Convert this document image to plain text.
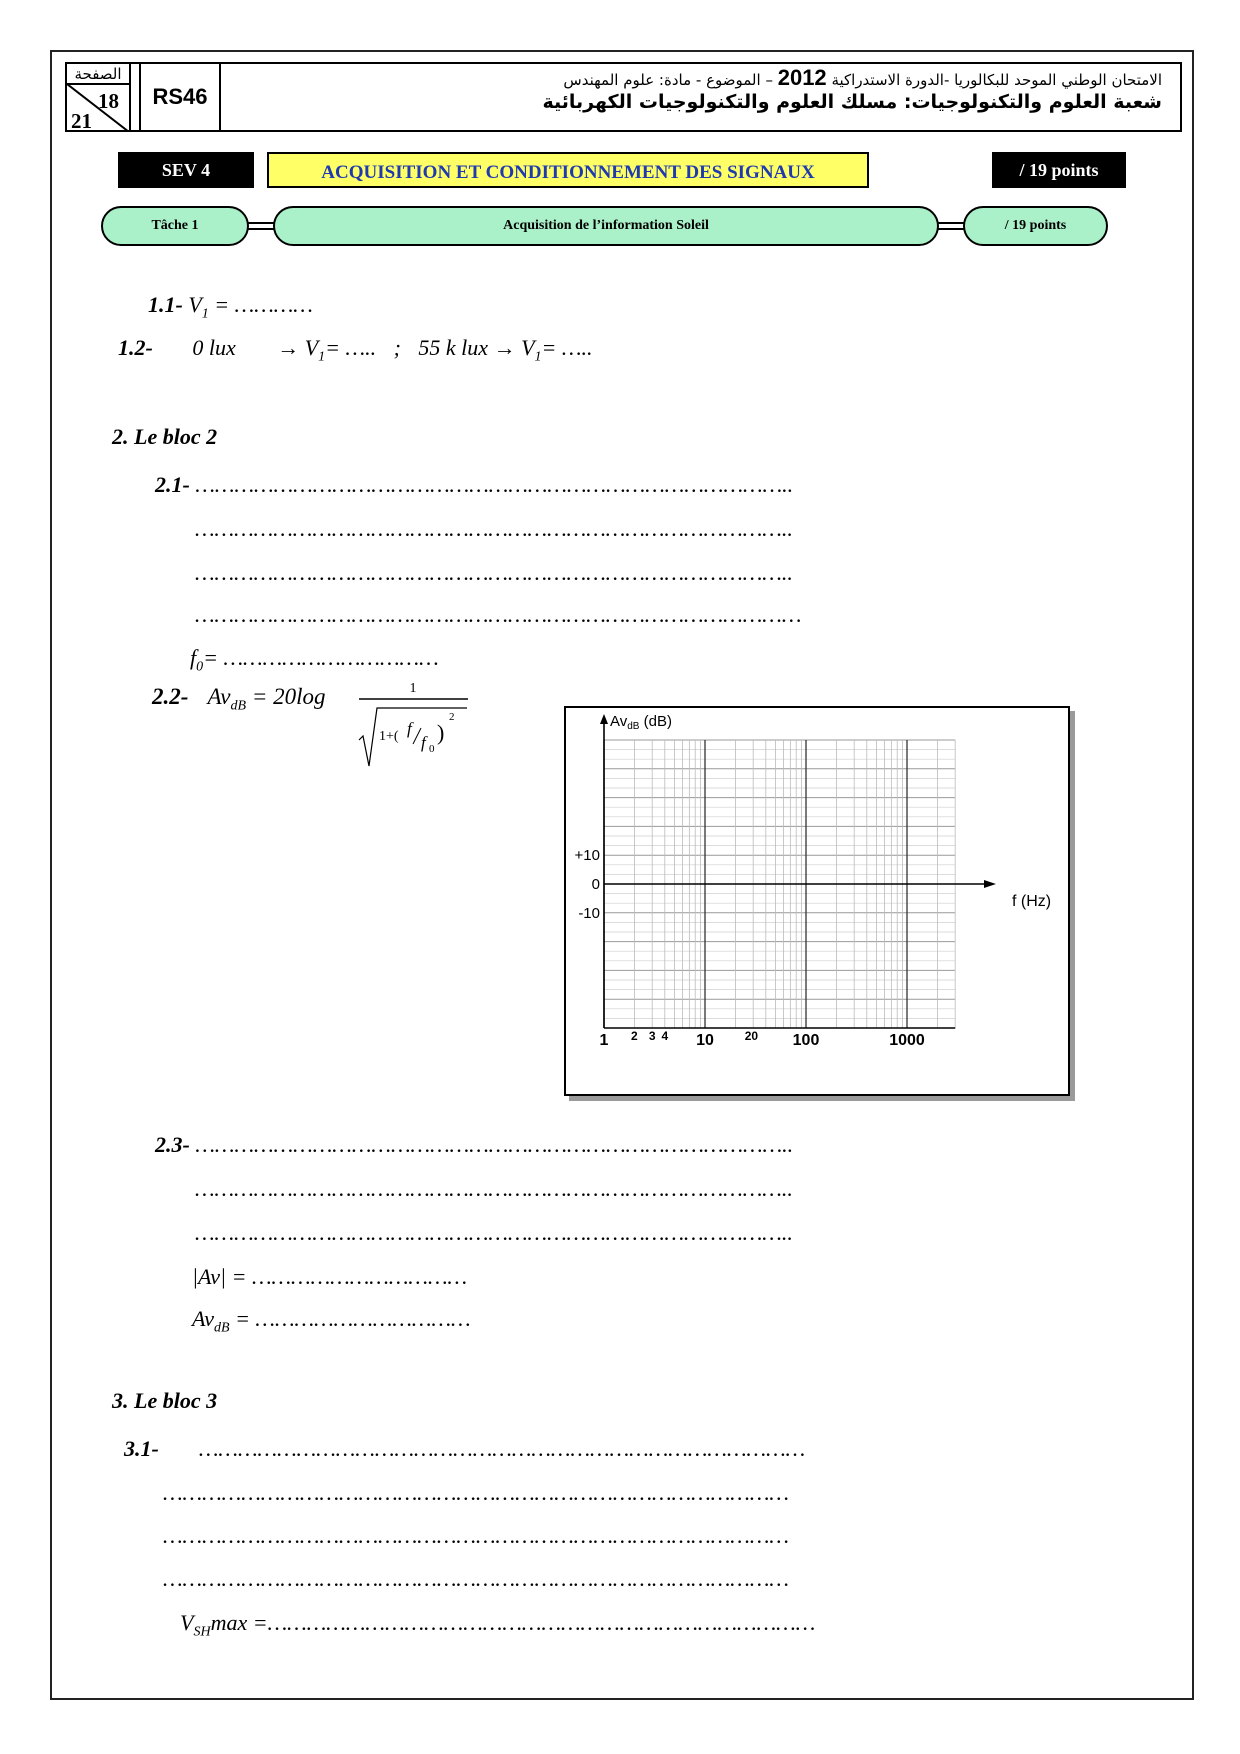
الصفحة
18
21
RS46
الامتحان الوطني الموحد للبكالوريا -الدورة الاستدراكية 2012 – الموضوع - مادة: علوم المهندس
شعبة العلوم والتكنولوجيات: مسلك العلوم والتكنولوجيات الكهربائية
SEV 4	ACQUISITION ET CONDITIONNEMENT DES SIGNAUX	/ 19 points
Tâche 1	Acquisition de l’information Soleil	/ 19 points
1.1- $V_1$ = …………
1.2- 0 lux → $V_1=$ ….. ; 55 k lux → $V_1=$ …..
2. Le bloc 2
2.1- ………………………………………………………………………………..
………………………………………………………………………………..
………………………………………………………………………………..
…………………………………………………………………………………
$f_0=$ ……………………………
2.2- $Av_{dB} = 20\log$	1
1+( f
f 0
)
2	$Av_{dB}$ (dB)
f (Hz)
+10
0
-10
1	10	100	1000
2 3 4	20
2.3- ………………………………………………………………………………..
………………………………………………………………………………..
………………………………………………………………………………..
|Av| = ……………………………
$Av_{dB}$ = ……………………………
3. Le bloc 3
3.1- …………………………………………………………………………………
……………………………………………………………………………………
……………………………………………………………………………………
……………………………………………………………………………………
$V_{SH}\max$ =…………………………………………………………………………
